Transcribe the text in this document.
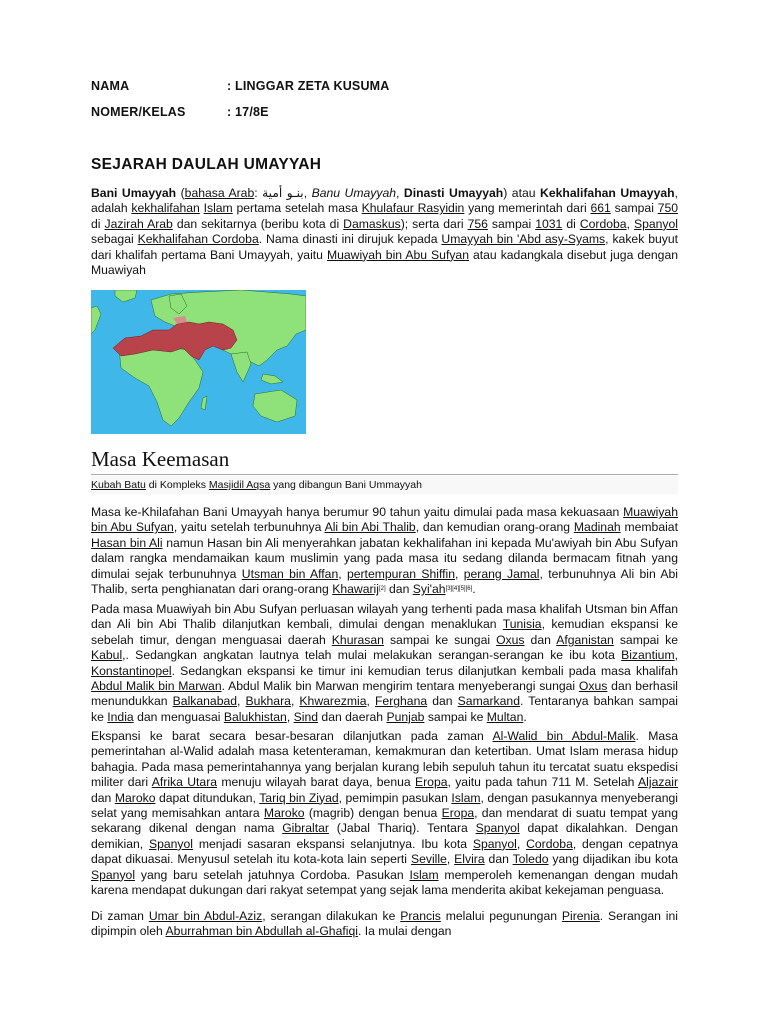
NAMA	: LINGGAR ZETA KUSUMA
NOMER/KELAS	: 17/8E
SEJARAH DAULAH UMAYYAH

Bani Umayyah (bahasa Arab: بنـو أمية, Banu Umayyah, Dinasti Umayyah) atau Kekhalifahan Umayyah, adalah kekhalifahan Islam pertama setelah masa Khulafaur Rasyidin yang memerintah dari 661 sampai 750 di Jazirah Arab dan sekitarnya (beribu kota di Damaskus); serta dari 756 sampai 1031 di Cordoba, Spanyol sebagai Kekhalifahan Cordoba. Nama dinasti ini dirujuk kepada Umayyah bin 'Abd asy-Syams, kakek buyut dari khalifah pertama Bani Umayyah, yaitu Muawiyah bin Abu Sufyan atau kadangkala disebut juga dengan Muawiyah

Masa Keemasan
Kubah Batu di Kompleks Masjidil Aqsa yang dibangun Bani Ummayyah

Masa ke-Khilafahan Bani Umayyah hanya berumur 90 tahun yaitu dimulai pada masa kekuasaan Muawiyah bin Abu Sufyan, yaitu setelah terbunuhnya Ali bin Abi Thalib, dan kemudian orang-orang Madinah membaiat Hasan bin Ali namun Hasan bin Ali menyerahkan jabatan kekhalifahan ini kepada Mu'awiyah bin Abu Sufyan dalam rangka mendamaikan kaum muslimin yang pada masa itu sedang dilanda bermacam fitnah yang dimulai sejak terbunuhnya Utsman bin Affan, pertempuran Shiffin, perang Jamal, terbunuhnya Ali bin Abi Thalib, serta penghianatan dari orang-orang Khawarij[2] dan Syi'ah[3][4][5][6].

Pada masa Muawiyah bin Abu Sufyan perluasan wilayah yang terhenti pada masa khalifah Utsman bin Affan dan Ali bin Abi Thalib dilanjutkan kembali, dimulai dengan menaklukan Tunisia, kemudian ekspansi ke sebelah timur, dengan menguasai daerah Khurasan sampai ke sungai Oxus dan Afganistan sampai ke Kabul,. Sedangkan angkatan lautnya telah mulai melakukan serangan-serangan ke ibu kota Bizantium, Konstantinopel. Sedangkan ekspansi ke timur ini kemudian terus dilanjutkan kembali pada masa khalifah Abdul Malik bin Marwan. Abdul Malik bin Marwan mengirim tentara menyeberangi sungai Oxus dan berhasil menundukkan Balkanabad, Bukhara, Khwarezmia, Ferghana dan Samarkand. Tentaranya bahkan sampai ke India dan menguasai Balukhistan, Sind dan daerah Punjab sampai ke Multan.

Ekspansi ke barat secara besar-besaran dilanjutkan pada zaman Al-Walid bin Abdul-Malik. Masa pemerintahan al-Walid adalah masa ketenteraman, kemakmuran dan ketertiban. Umat Islam merasa hidup bahagia. Pada masa pemerintahannya yang berjalan kurang lebih sepuluh tahun itu tercatat suatu ekspedisi militer dari Afrika Utara menuju wilayah barat daya, benua Eropa, yaitu pada tahun 711 M. Setelah Aljazair dan Maroko dapat ditundukan, Tariq bin Ziyad, pemimpin pasukan Islam, dengan pasukannya menyeberangi selat yang memisahkan antara Maroko (magrib) dengan benua Eropa, dan mendarat di suatu tempat yang sekarang dikenal dengan nama Gibraltar (Jabal Thariq). Tentara Spanyol dapat dikalahkan. Dengan demikian, Spanyol menjadi sasaran ekspansi selanjutnya. Ibu kota Spanyol, Cordoba, dengan cepatnya dapat dikuasai. Menyusul setelah itu kota-kota lain seperti Seville, Elvira dan Toledo yang dijadikan ibu kota Spanyol yang baru setelah jatuhnya Cordoba. Pasukan Islam memperoleh kemenangan dengan mudah karena mendapat dukungan dari rakyat setempat yang sejak lama menderita akibat kekejaman penguasa.

Di zaman Umar bin Abdul-Aziz, serangan dilakukan ke Prancis melalui pegunungan Pirenia. Serangan ini dipimpin oleh Aburrahman bin Abdullah al-Ghafiqi. Ia mulai dengan
